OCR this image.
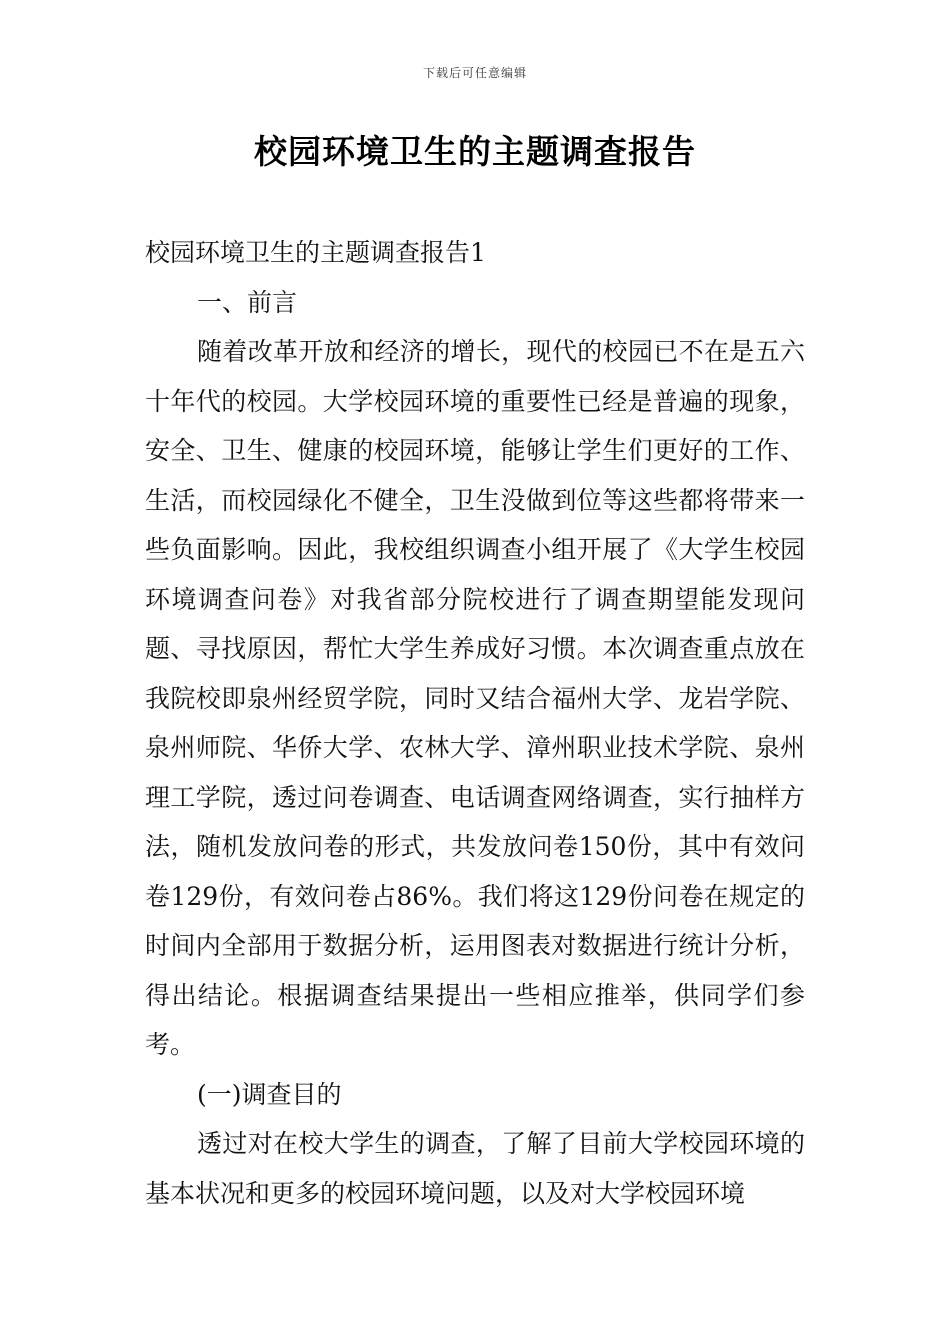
下载后可任意编辑
校园环境卫生的主题调查报告

校园环境卫生的主题调查报告1

一、前言

随着改革开放和经济的增长，现代的校园已不在是五六十年代的校园。大学校园环境的重要性已经是普遍的现象，安全、卫生、健康的校园环境，能够让学生们更好的工作、生活，而校园绿化不健全，卫生没做到位等这些都将带来一些负面影响。因此，我校组织调查小组开展了《大学生校园环境调查问卷》对我省部分院校进行了调查期望能发现问题、寻找原因，帮忙大学生养成好习惯。本次调查重点放在我院校即泉州经贸学院，同时又结合福州大学、龙岩学院、泉州师院、华侨大学、农林大学、漳州职业技术学院、泉州理工学院，透过问卷调查、电话调查网络调查，实行抽样方法，随机发放问卷的形式，共发放问卷150份，其中有效问卷129份，有效问卷占86%。我们将这129份问卷在规定的时间内全部用于数据分析，运用图表对数据进行统计分析，得出结论。根据调查结果提出一些相应推举，供同学们参考。

(一)调查目的

透过对在校大学生的调查，了解了目前大学校园环境的基本状况和更多的校园环境问题，以及对大学校园环境
